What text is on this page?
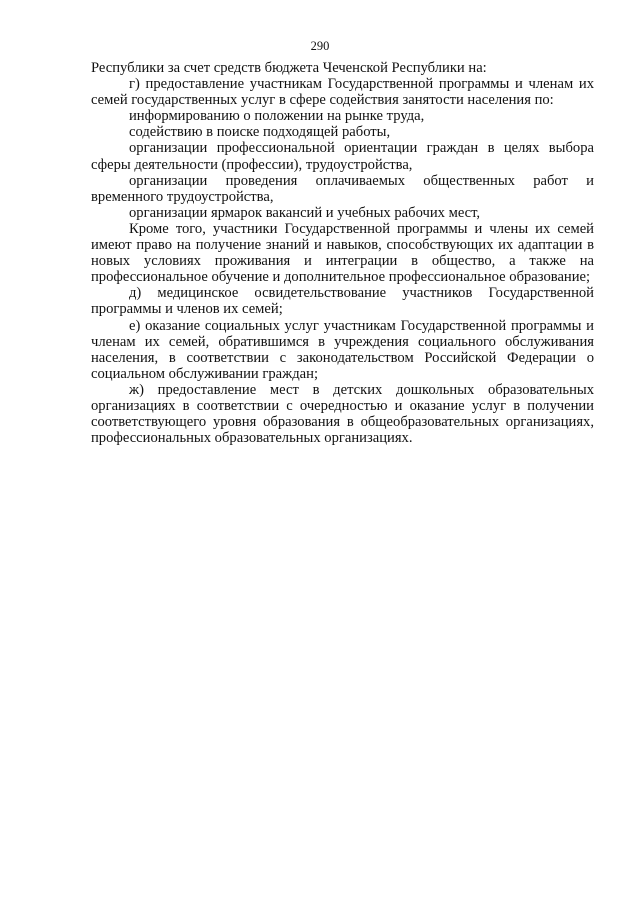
290

Республики за счет средств бюджета Чеченской Республики на:

г) предоставление участникам Государственной программы и членам их семей государственных услуг в сфере содействия занятости населения по:

информированию о положении на рынке труда,

содействию в поиске подходящей работы,

организации профессиональной ориентации граждан в целях выбора сферы деятельности (профессии), трудоустройства,

организации проведения оплачиваемых общественных работ и временного трудоустройства,

организации ярмарок вакансий и учебных рабочих мест,

Кроме того, участники Государственной программы и члены их семей имеют право на получение знаний и навыков, способствующих их адаптации в новых условиях проживания и интеграции в общество, а также на профессиональное обучение и дополнительное профессиональное образование;

д) медицинское освидетельствование участников Государственной программы и членов их семей;

е) оказание социальных услуг участникам Государственной программы и членам их семей, обратившимся в учреждения социального обслуживания населения, в соответствии с законодательством Российской Федерации о социальном обслуживании граждан;

ж) предоставление мест в детских дошкольных образовательных организациях в соответствии с очередностью и оказание услуг в получении соответствующего уровня образования в общеобразовательных организациях, профессиональных образовательных организациях.
